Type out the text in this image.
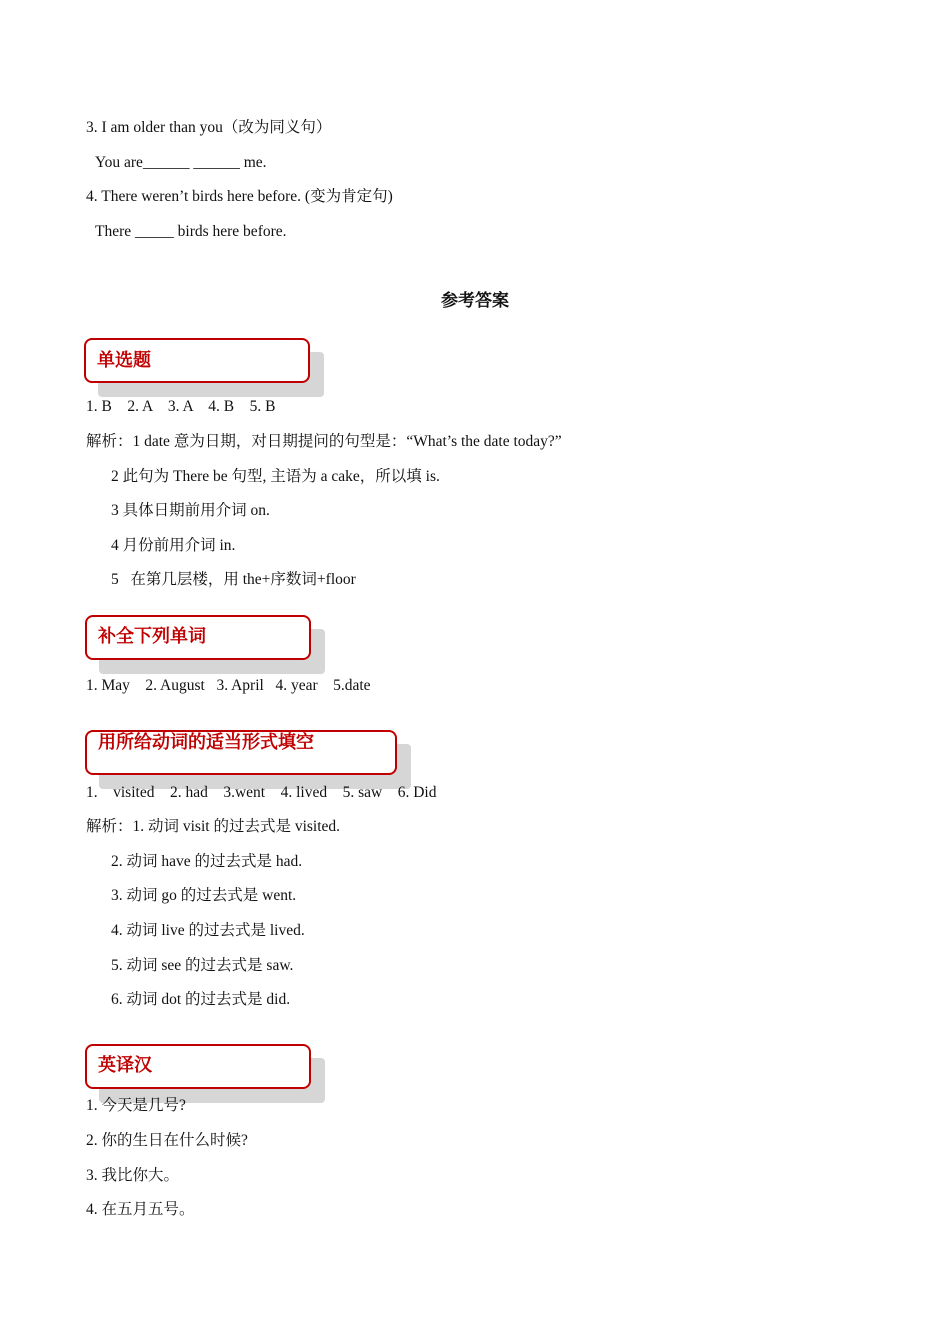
3. I am older than you（改为同义句）

You are______ ______ me.

4. There weren’t birds here before. (变为肯定句)

There _____ birds here before.

参考答案
单选题

1. B    2. A    3. A    4. B    5. B

解析：1 date 意为日期，对日期提问的句型是：“What’s the date today?”

2 此句为 There be 句型, 主语为 a cake，所以填 is.

3 具体日期前用介词 on.

4 月份前用介词 in.

5   在第几层楼，用 the+序数词+floor

补全下列单词

1. May    2. August   3. April   4. year    5.date

用所给动词的适当形式填空

1.    visited    2. had    3.went    4. lived    5. saw    6. Did

解析：1. 动词 visit 的过去式是 visited.

2. 动词 have 的过去式是 had.

3. 动词 go 的过去式是 went.

4. 动词 live 的过去式是 lived.

5. 动词 see 的过去式是 saw.

6. 动词 dot 的过去式是 did.

英译汉

1. 今天是几号?

2. 你的生日在什么时候?

3. 我比你大。

4. 在五月五号。
